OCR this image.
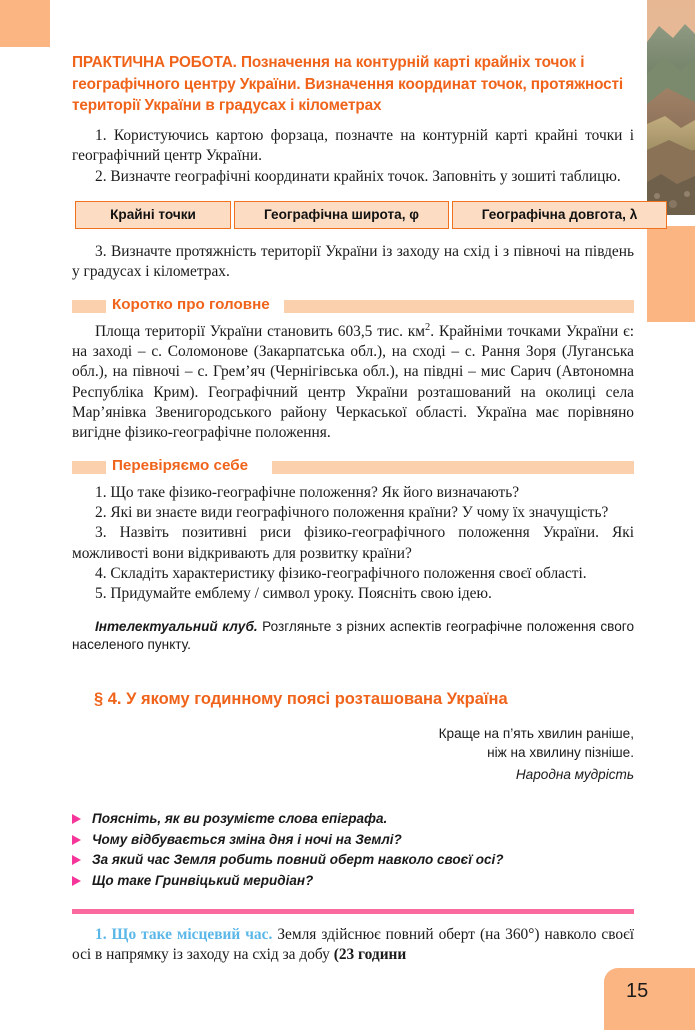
15
ПРАКТИЧНА РОБОТА. Позначення на контурній карті крайніх точок і географічного центру України. Визначення координат точок, протяжності території України в градусах і кілометрах

1. Користуючись картою форзаца, позначте на контурній карті крайні точки і географічний центр України.

2. Визначте географічні координати крайніх точок. Заповніть у зошиті таблицю.

Крайні точки	Географічна широта, φ	Географічна довгота, λ

3. Визначте протяжність території України із заходу на схід і з півночі на південь у градусах і кілометрах.

Коротко про головне

Площа території України становить 603,5 тис. $км^2$. Крайніми точками України є: на заході – с. Соломонове (Закарпатська обл.), на сході – с. Рання Зоря (Луганська обл.), на півночі – с. Грем’яч (Чернігівська обл.), на півдні – мис Сарич (Автономна Республіка Крим). Географічний центр України розташований на околиці села Мар’янівка Звенигородського району Черкаської області. Україна має порівняно вигідне фізико-географічне положення.

Перевіряємо себе

1. Що таке фізико-географічне положення? Як його визначають?

2. Які ви знаєте види географічного положення країни? У чому їх значущість?

3. Назвіть позитивні риси фізико-географічного положення України. Які можливості вони відкривають для розвитку країни?

4. Складіть характеристику фізико-географічного положення своєї області.

5. Придумайте емблему / символ уроку. Поясніть свою ідею.

Інтелектуальний клуб. Розгляньте з різних аспектів географічне положення свого населеного пункту.

§ 4. У якому годинному поясі розташована Україна
Краще на п’ять хвилин раніше,
ніж на хвилину пізніше.
Народна мудрість
Поясніть, як ви розумієте слова епіграфа.
Чому відбувається зміна дня і ночі на Землі?
За який час Земля робить повний оберт навколо своєї осі?
Що таке Гринвіцький меридіан?

1. Що таке місцевий час. Земля здійснює повний оберт (на 360°) навколо своєї осі в напрямку із заходу на схід за добу (23 години
